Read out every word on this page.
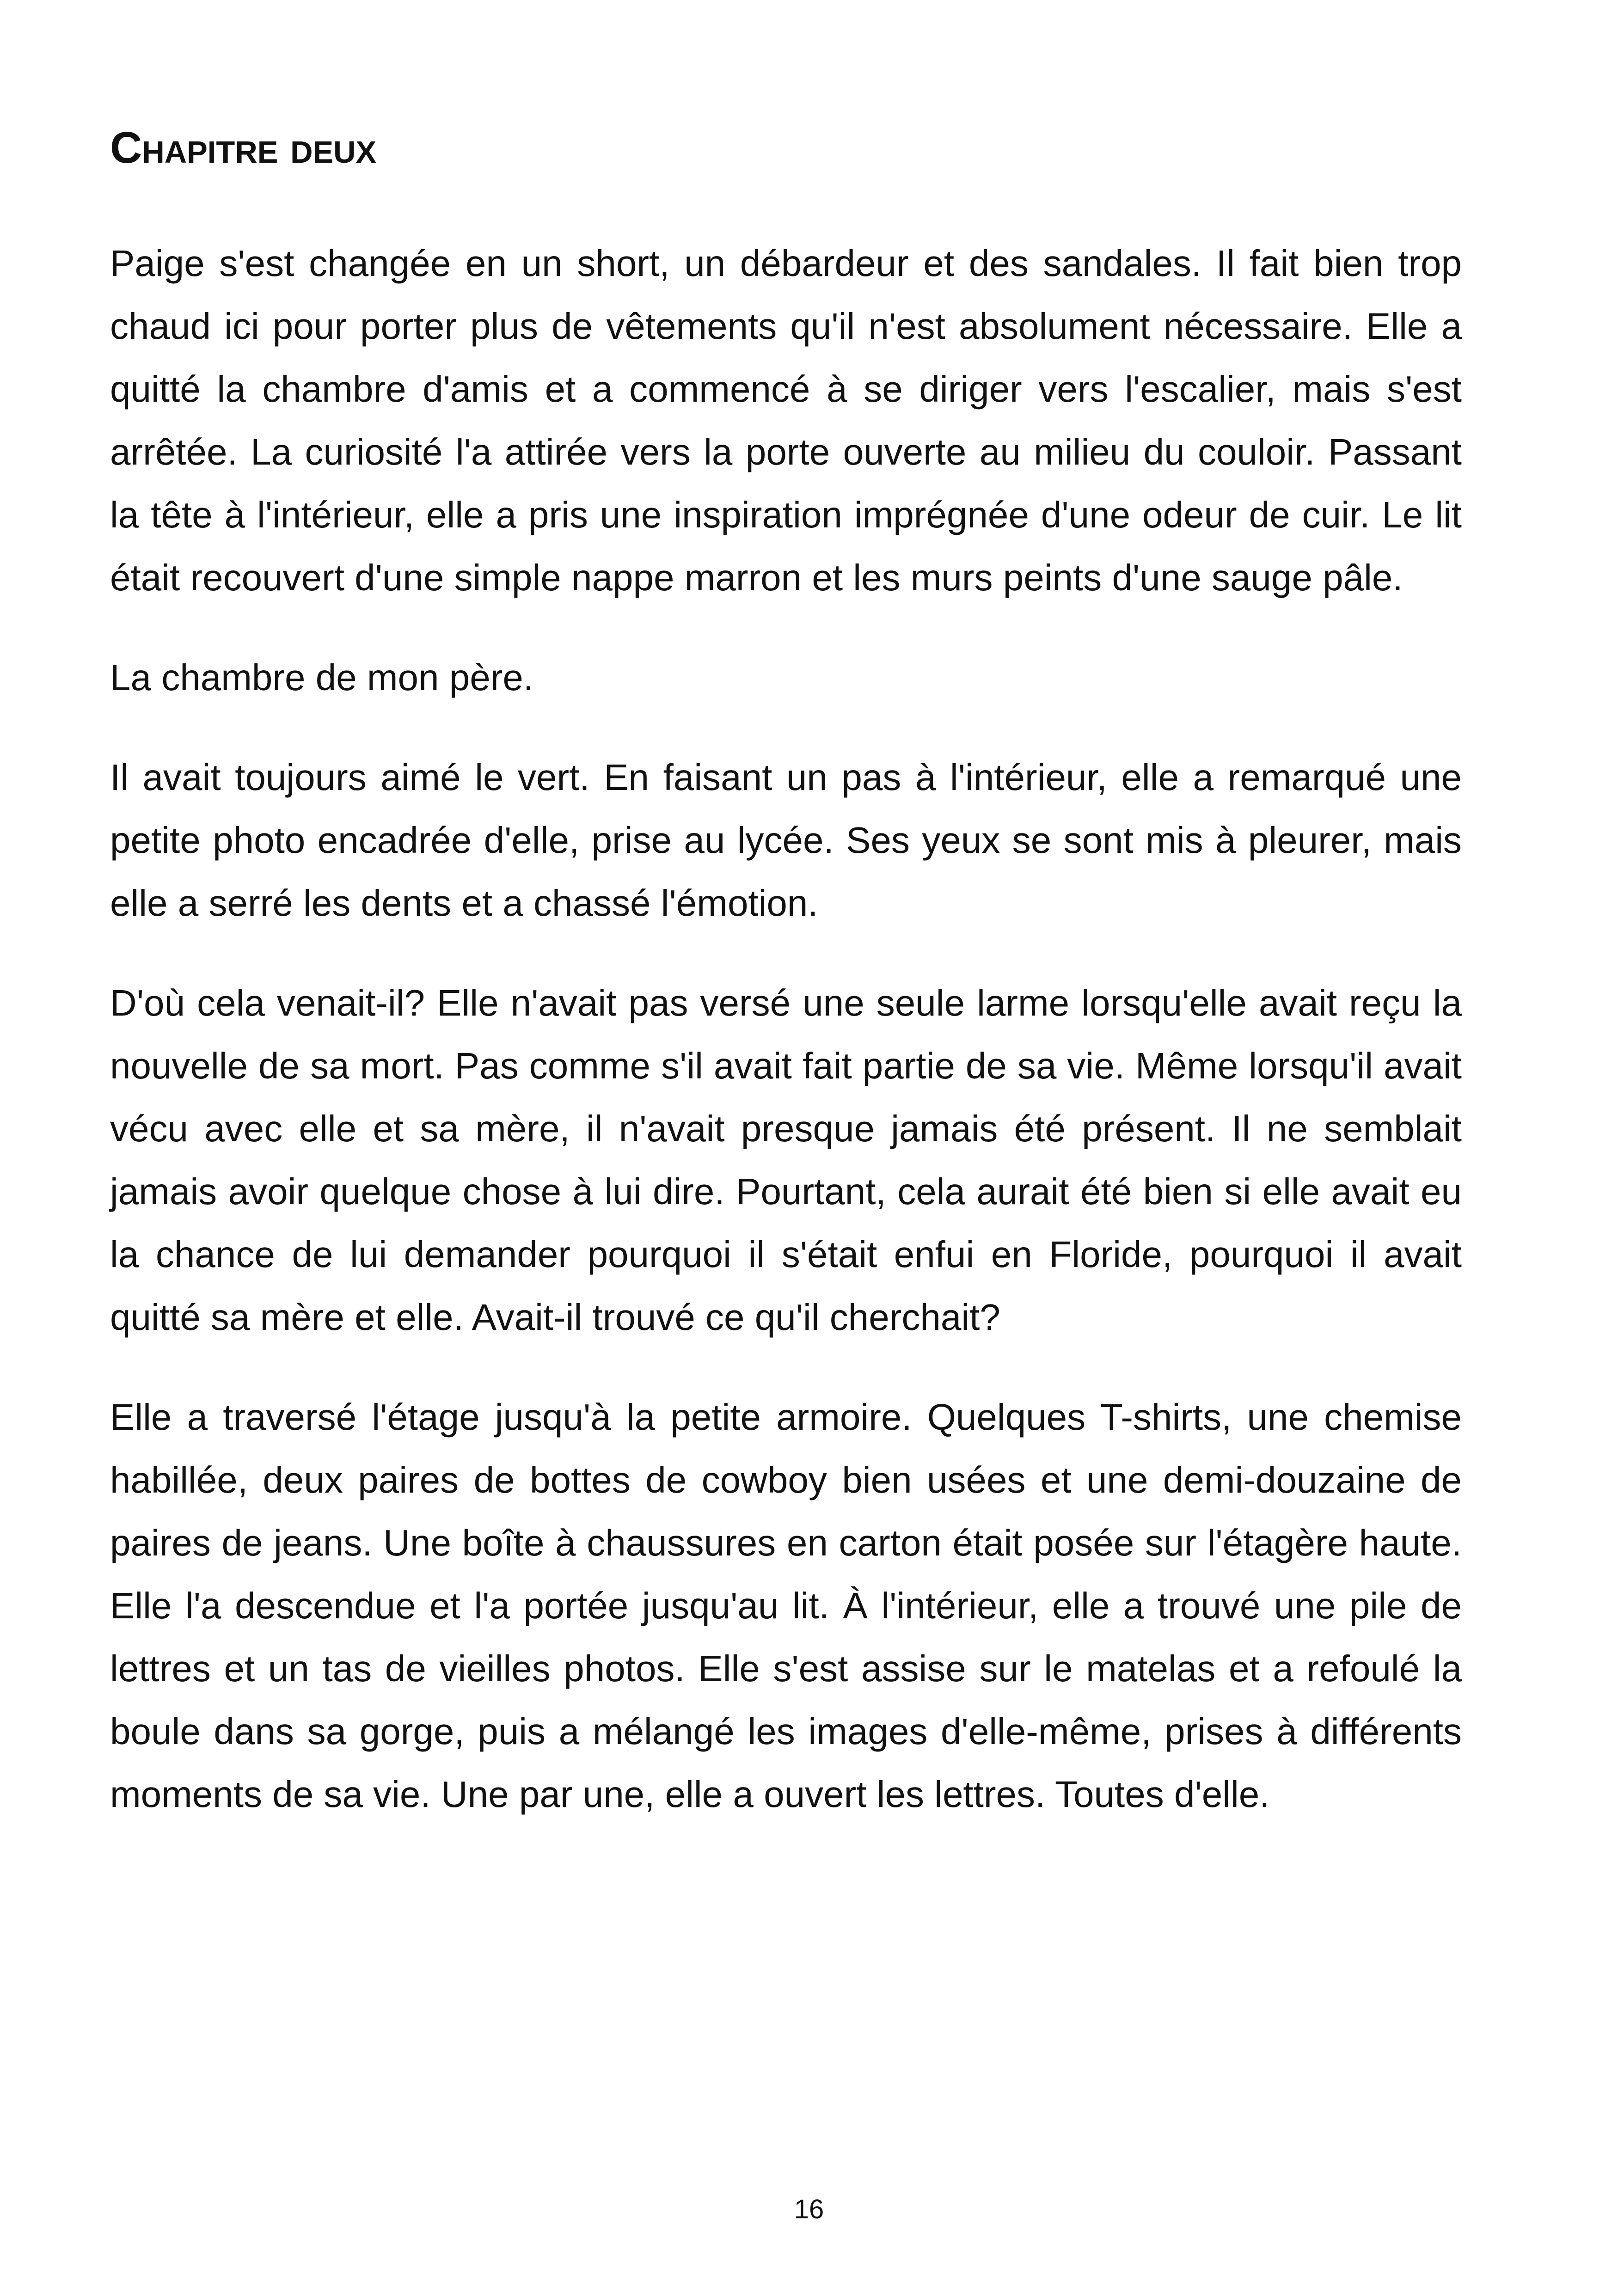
Chapitre deux

Paige s'est changée en un short, un débardeur et des sandales. Il fait bien trop chaud ici pour porter plus de vêtements qu'il n'est absolument nécessaire. Elle a quitté la chambre d'amis et a commencé à se diriger vers l'escalier, mais s'est arrêtée. La curiosité l'a attirée vers la porte ouverte au milieu du couloir. Passant la tête à l'intérieur, elle a pris une inspiration imprégnée d'une odeur de cuir. Le lit était recouvert d'une simple nappe marron et les murs peints d'une sauge pâle.

La chambre de mon père.

Il avait toujours aimé le vert. En faisant un pas à l'intérieur, elle a remarqué une petite photo encadrée d'elle, prise au lycée. Ses yeux se sont mis à pleurer, mais elle a serré les dents et a chassé l'émotion.

D'où cela venait-il? Elle n'avait pas versé une seule larme lorsqu'elle avait reçu la nouvelle de sa mort. Pas comme s'il avait fait partie de sa vie. Même lorsqu'il avait vécu avec elle et sa mère, il n'avait presque jamais été présent. Il ne semblait jamais avoir quelque chose à lui dire. Pourtant, cela aurait été bien si elle avait eu la chance de lui demander pourquoi il s'était enfui en Floride, pourquoi il avait quitté sa mère et elle. Avait-il trouvé ce qu'il cherchait?

Elle a traversé l'étage jusqu'à la petite armoire. Quelques T-shirts, une chemise habillée, deux paires de bottes de cowboy bien usées et une demi-douzaine de paires de jeans. Une boîte à chaussures en carton était posée sur l'étagère haute. Elle l'a descendue et l'a portée jusqu'au lit. À l'intérieur, elle a trouvé une pile de lettres et un tas de vieilles photos. Elle s'est assise sur le matelas et a refoulé la boule dans sa gorge, puis a mélangé les images d'elle-même, prises à différents moments de sa vie. Une par une, elle a ouvert les lettres. Toutes d'elle.

16
